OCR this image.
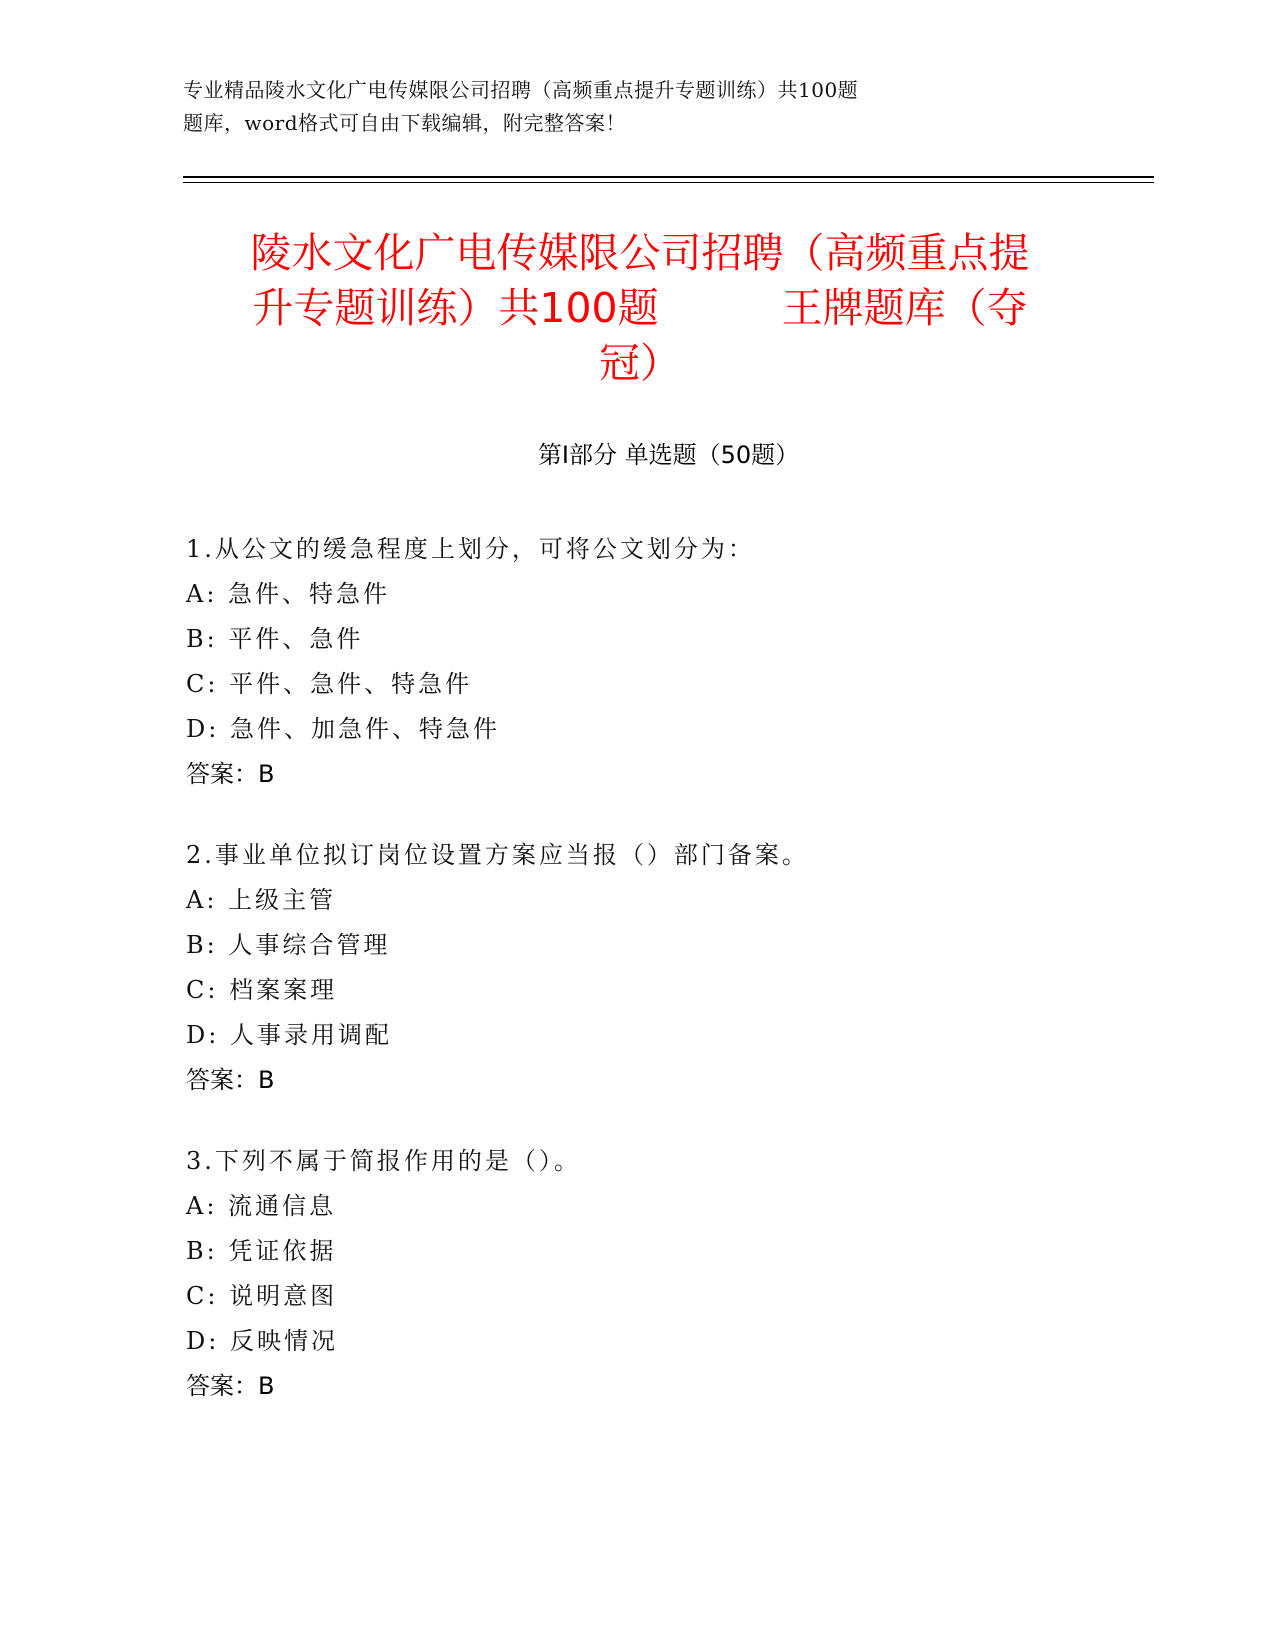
专业精品陵水文化广电传媒限公司招聘（高频重点提升专题训练）共100题
题库，word格式可自由下载编辑，附完整答案！
陵水文化广电传媒限公司招聘（高频重点提
升专题训练）共100题　　　王牌题库（夺
冠）
第I部分 单选题（50题）
1.从公文的缓急程度上划分，可将公文划分为：
A: 急件、特急件
B: 平件、急件
C: 平件、急件、特急件
D: 急件、加急件、特急件
答案：B
2.事业单位拟订岗位设置方案应当报（）部门备案。
A: 上级主管
B: 人事综合管理
C: 档案案理
D: 人事录用调配
答案：B
3.下列不属于简报作用的是（）。
A: 流通信息
B: 凭证依据
C: 说明意图
D: 反映情况
答案：B
